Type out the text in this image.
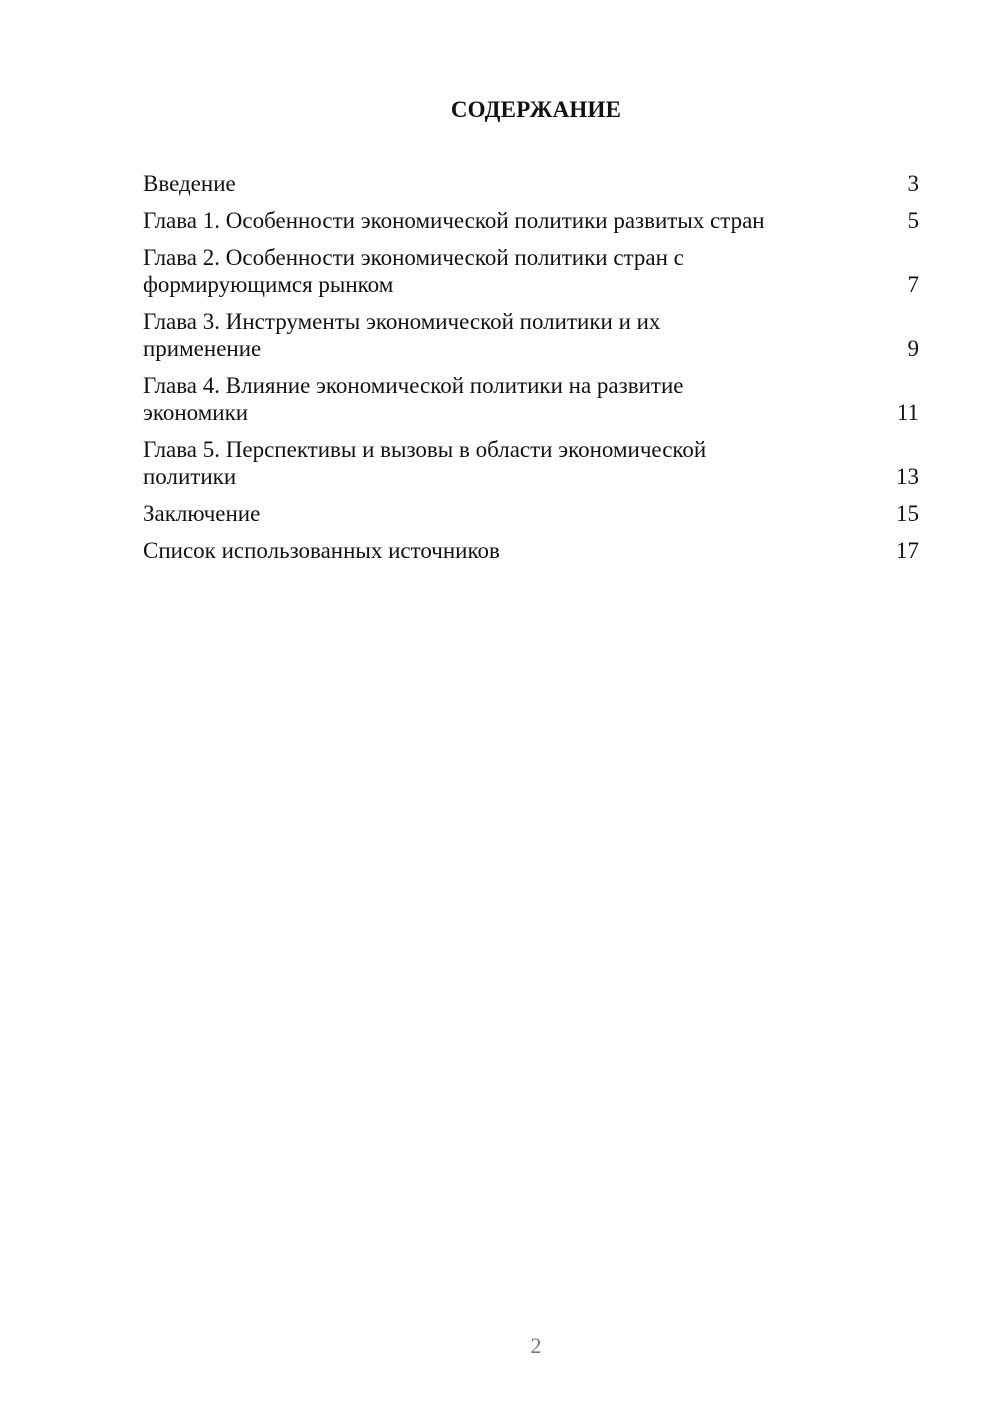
СОДЕРЖАНИЕ
Введение	3
Глава 1. Особенности экономической политики развитых стран	5
Глава 2. Особенности экономической политики стран с формирующимся рынком	7
Глава 3. Инструменты экономической политики и их применение	9
Глава 4. Влияние экономической политики на развитие экономики	11
Глава 5. Перспективы и вызовы в области экономической политики	13
Заключение	15
Список использованных источников	17
2
